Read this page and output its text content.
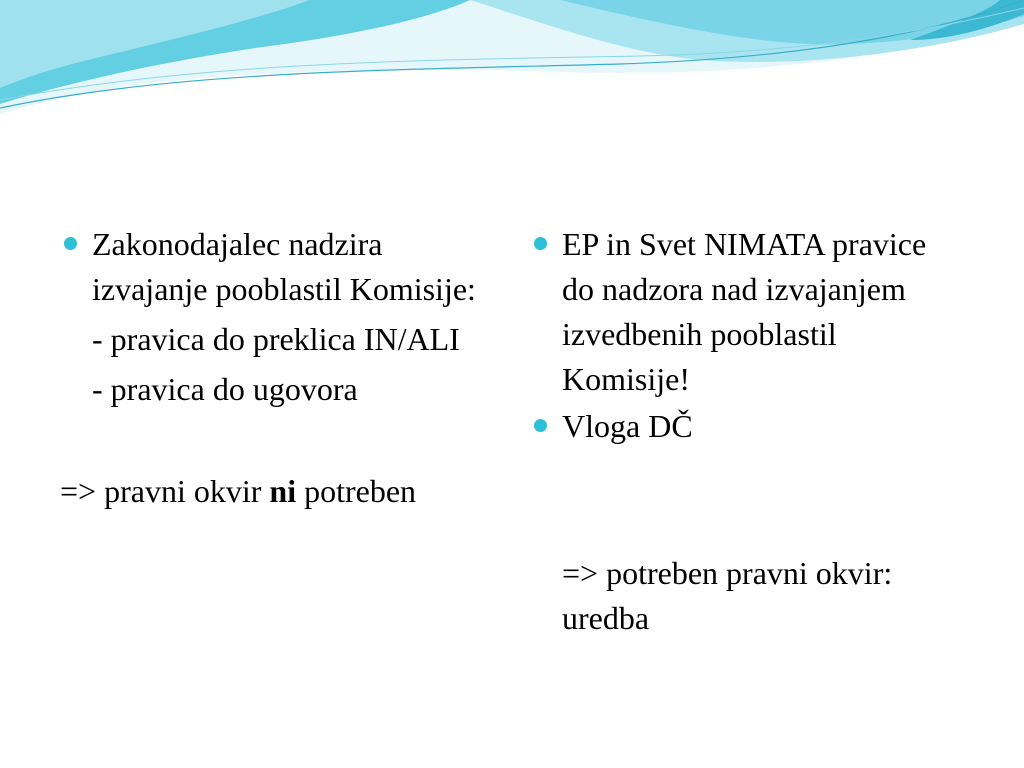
Zakonodajalec nadzira izvajanje pooblastil Komisije:

- pravica do preklica IN/ALI
- pravica do ugovora
=> pravni okvir ni potreben

EP in Svet NIMATA pravice do nadzora nad izvajanjem izvedbenih pooblastil Komisije!

Vloga DČ

=> potreben pravni okvir: uredba
